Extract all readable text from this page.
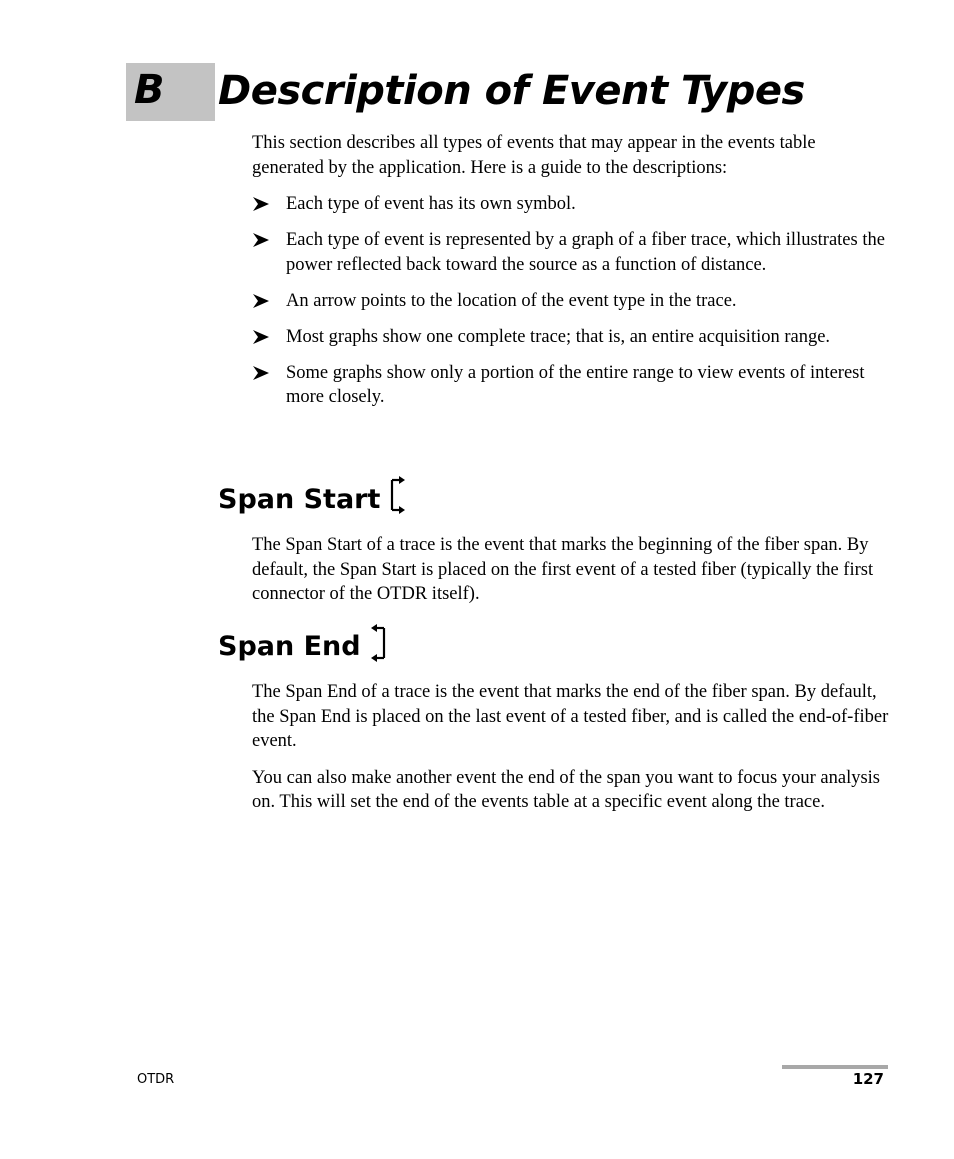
B Description of Event Types

This section describes all types of events that may appear in the events table generated by the application. Here is a guide to the descriptions:

Each type of event has its own symbol.
Each type of event is represented by a graph of a fiber trace, which illustrates the power reflected back toward the source as a function of distance.
An arrow points to the location of the event type in the trace.
Most graphs show one complete trace; that is, an entire acquisition range.
Some graphs show only a portion of the entire range to view events of interest more closely.
Span Start

The Span Start of a trace is the event that marks the beginning of the fiber span. By default, the Span Start is placed on the first event of a tested fiber (typically the first connector of the OTDR itself).

Span End

The Span End of a trace is the event that marks the end of the fiber span. By default, the Span End is placed on the last event of a tested fiber, and is called the end-of-fiber event.

You can also make another event the end of the span you want to focus your analysis on. This will set the end of the events table at a specific event along the trace.

OTDR	127
